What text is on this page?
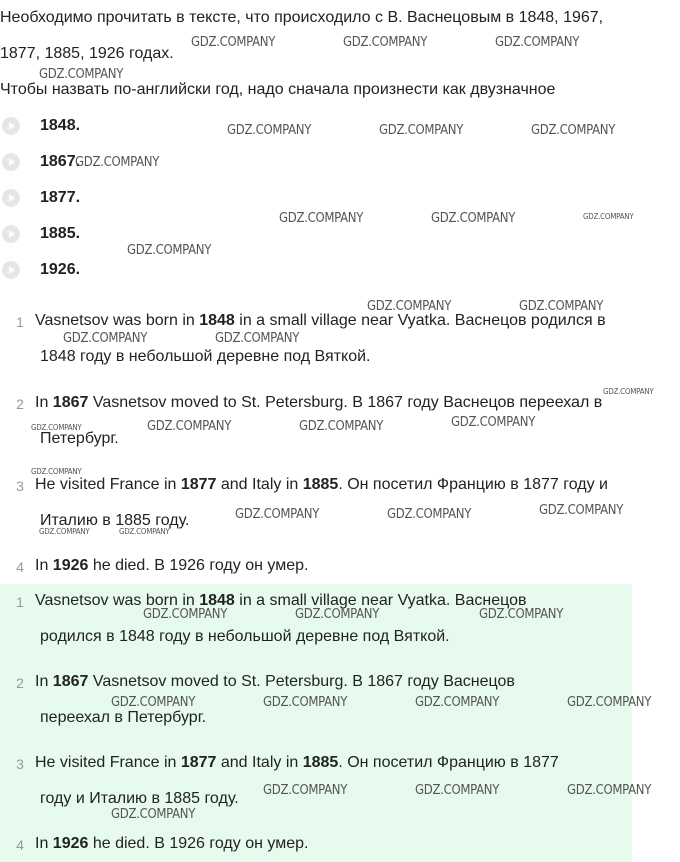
Необходимо прочитать в тексте, что происходило с В. Васнецовым в 1848, 1967,

1877, 1885, 1926 годах.

Чтобы назвать по-английски год, надо сначала произнести как двузначное

1848.
1867.
1877.
1885.
1926.
1 Vasnetsov was born in 1848 in a small village near Vyatka. Васнецов родился в
1848 году в небольшой деревне под Вяткой.
2 In 1867 Vasnetsov moved to St. Petersburg. В 1867 году Васнецов переехал в
Петербург.
3 He visited France in 1877 and Italy in 1885. Он посетил Францию в 1877 году и
Италию в 1885 году.
4 In 1926 he died. В 1926 году он умер.
1 Vasnetsov was born in 1848 in a small village near Vyatka. Васнецов
родился в 1848 году в небольшой деревне под Вяткой.
2 In 1867 Vasnetsov moved to St. Petersburg. В 1867 году Васнецов
переехал в Петербург.
3 He visited France in 1877 and Italy in 1885. Он посетил Францию в 1877
году и Италию в 1885 году.
4 In 1926 he died. В 1926 году он умер.
GDZ.COMPANY	GDZ.COMPANY	GDZ.COMPANY
GDZ.COMPANY
GDZ.COMPANY	GDZ.COMPANY	GDZ.COMPANY
GDZ.COMPANY
GDZ.COMPANY	GDZ.COMPANY	GDZ.COMPANY
GDZ.COMPANY
GDZ.COMPANY	GDZ.COMPANY
GDZ.COMPANY	GDZ.COMPANY
GDZ.COMPANY
GDZ.COMPANY	GDZ.COMPANY	GDZ.COMPANY	GDZ.COMPANY
GDZ.COMPANY
GDZ.COMPANY	GDZ.COMPANY	GDZ.COMPANY
GDZ.COMPANY	GDZ.COMPANY
GDZ.COMPANY	GDZ.COMPANY	GDZ.COMPANY
GDZ.COMPANY	GDZ.COMPANY	GDZ.COMPANY	GDZ.COMPANY
GDZ.COMPANY	GDZ.COMPANY	GDZ.COMPANY
GDZ.COMPANY
